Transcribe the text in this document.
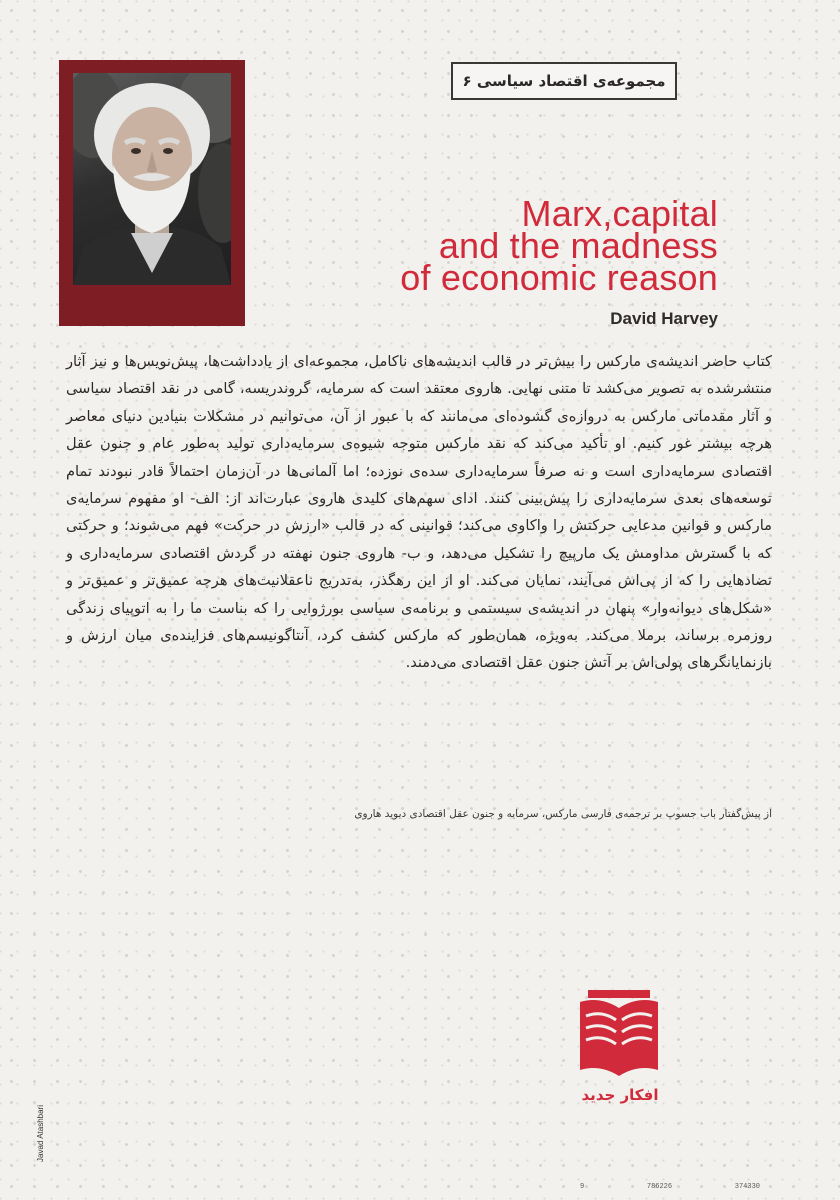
مجموعه‌ی اقتصاد سیاسی ۶
Marx,capital
and the madness
of economic reason
David Harvey
کتاب حاضر اندیشه‌ی مارکس را بیش‌تر در قالب اندیشه‌های ناکامل، مجموعه‌ای از یادداشت‌ها، پیش‌نویس‌ها و نیز آثار منتشرشده به تصویر می‌کشد تا متنی نهایی. هاروی معتقد است که سرمایه، گروندریسه، گامی در نقد اقتصاد سیاسی و آثار مقدماتی مارکس به دروازه‌ی گشوده‌ای می‌مانند که با عبور از آن، می‌توانیم در مشکلات بنیادین دنیای معاصر هرچه بیشتر غور کنیم. او تأکید می‌کند که نقد مارکس متوجه شیوه‌ی سرمایه‌داری تولید به‌طور عام و جنون عقل اقتصادی سرمایه‌داری است و نه صرفاً سرمایه‌داری سده‌ی نوزده؛ اما آلمانی‌ها در آن‌زمان احتمالاً قادر نبودند تمام توسعه‌های بعدی سرمایه‌داری را پیش‌بینی کنند. ادای سهم‌های کلیدی هاروی عبارت‌اند از: الف- او مفهوم سرمایه‌ی مارکس و قوانین مدعایی حرکتش را واکاوی می‌کند؛ قوانینی که در قالب «ارزش در حرکت» فهم می‌شوند؛ و حرکتی که با گسترش مداومش یک مارپیچ را تشکیل می‌دهد، و ب- هاروی جنون نهفته در گردش اقتصادی سرمایه‌داری و تضادهایی را که از پی‌اش می‌آیند، نمایان می‌کند. او از این رهگذر، به‌تدریج ناعقلانیت‌های هرچه عمیق‌تر و عمیق‌تر و «شکل‌های دیوانه‌وار» پنهان در اندیشه‌ی سیستمی و برنامه‌ی سیاسی بورژوایی را که بناست ما را به اتوپیای زندگی روزمره برساند، برملا می‌کند. به‌ویژه، همان‌طور که مارکس کشف کرد، آنتاگونیسم‌های فزاینده‌ی میان ارزش و بازنمایانگرهای پولی‌اش بر آتش جنون عقل اقتصادی می‌دمند.
از پیش‌گفتار باب جسوپ بر ترجمه‌ی فارسی مارکس، سرمایه و جنون عقل اقتصادی دیوید هاروی
افکار جدید
Javad Atashbari
9	786226	374330
